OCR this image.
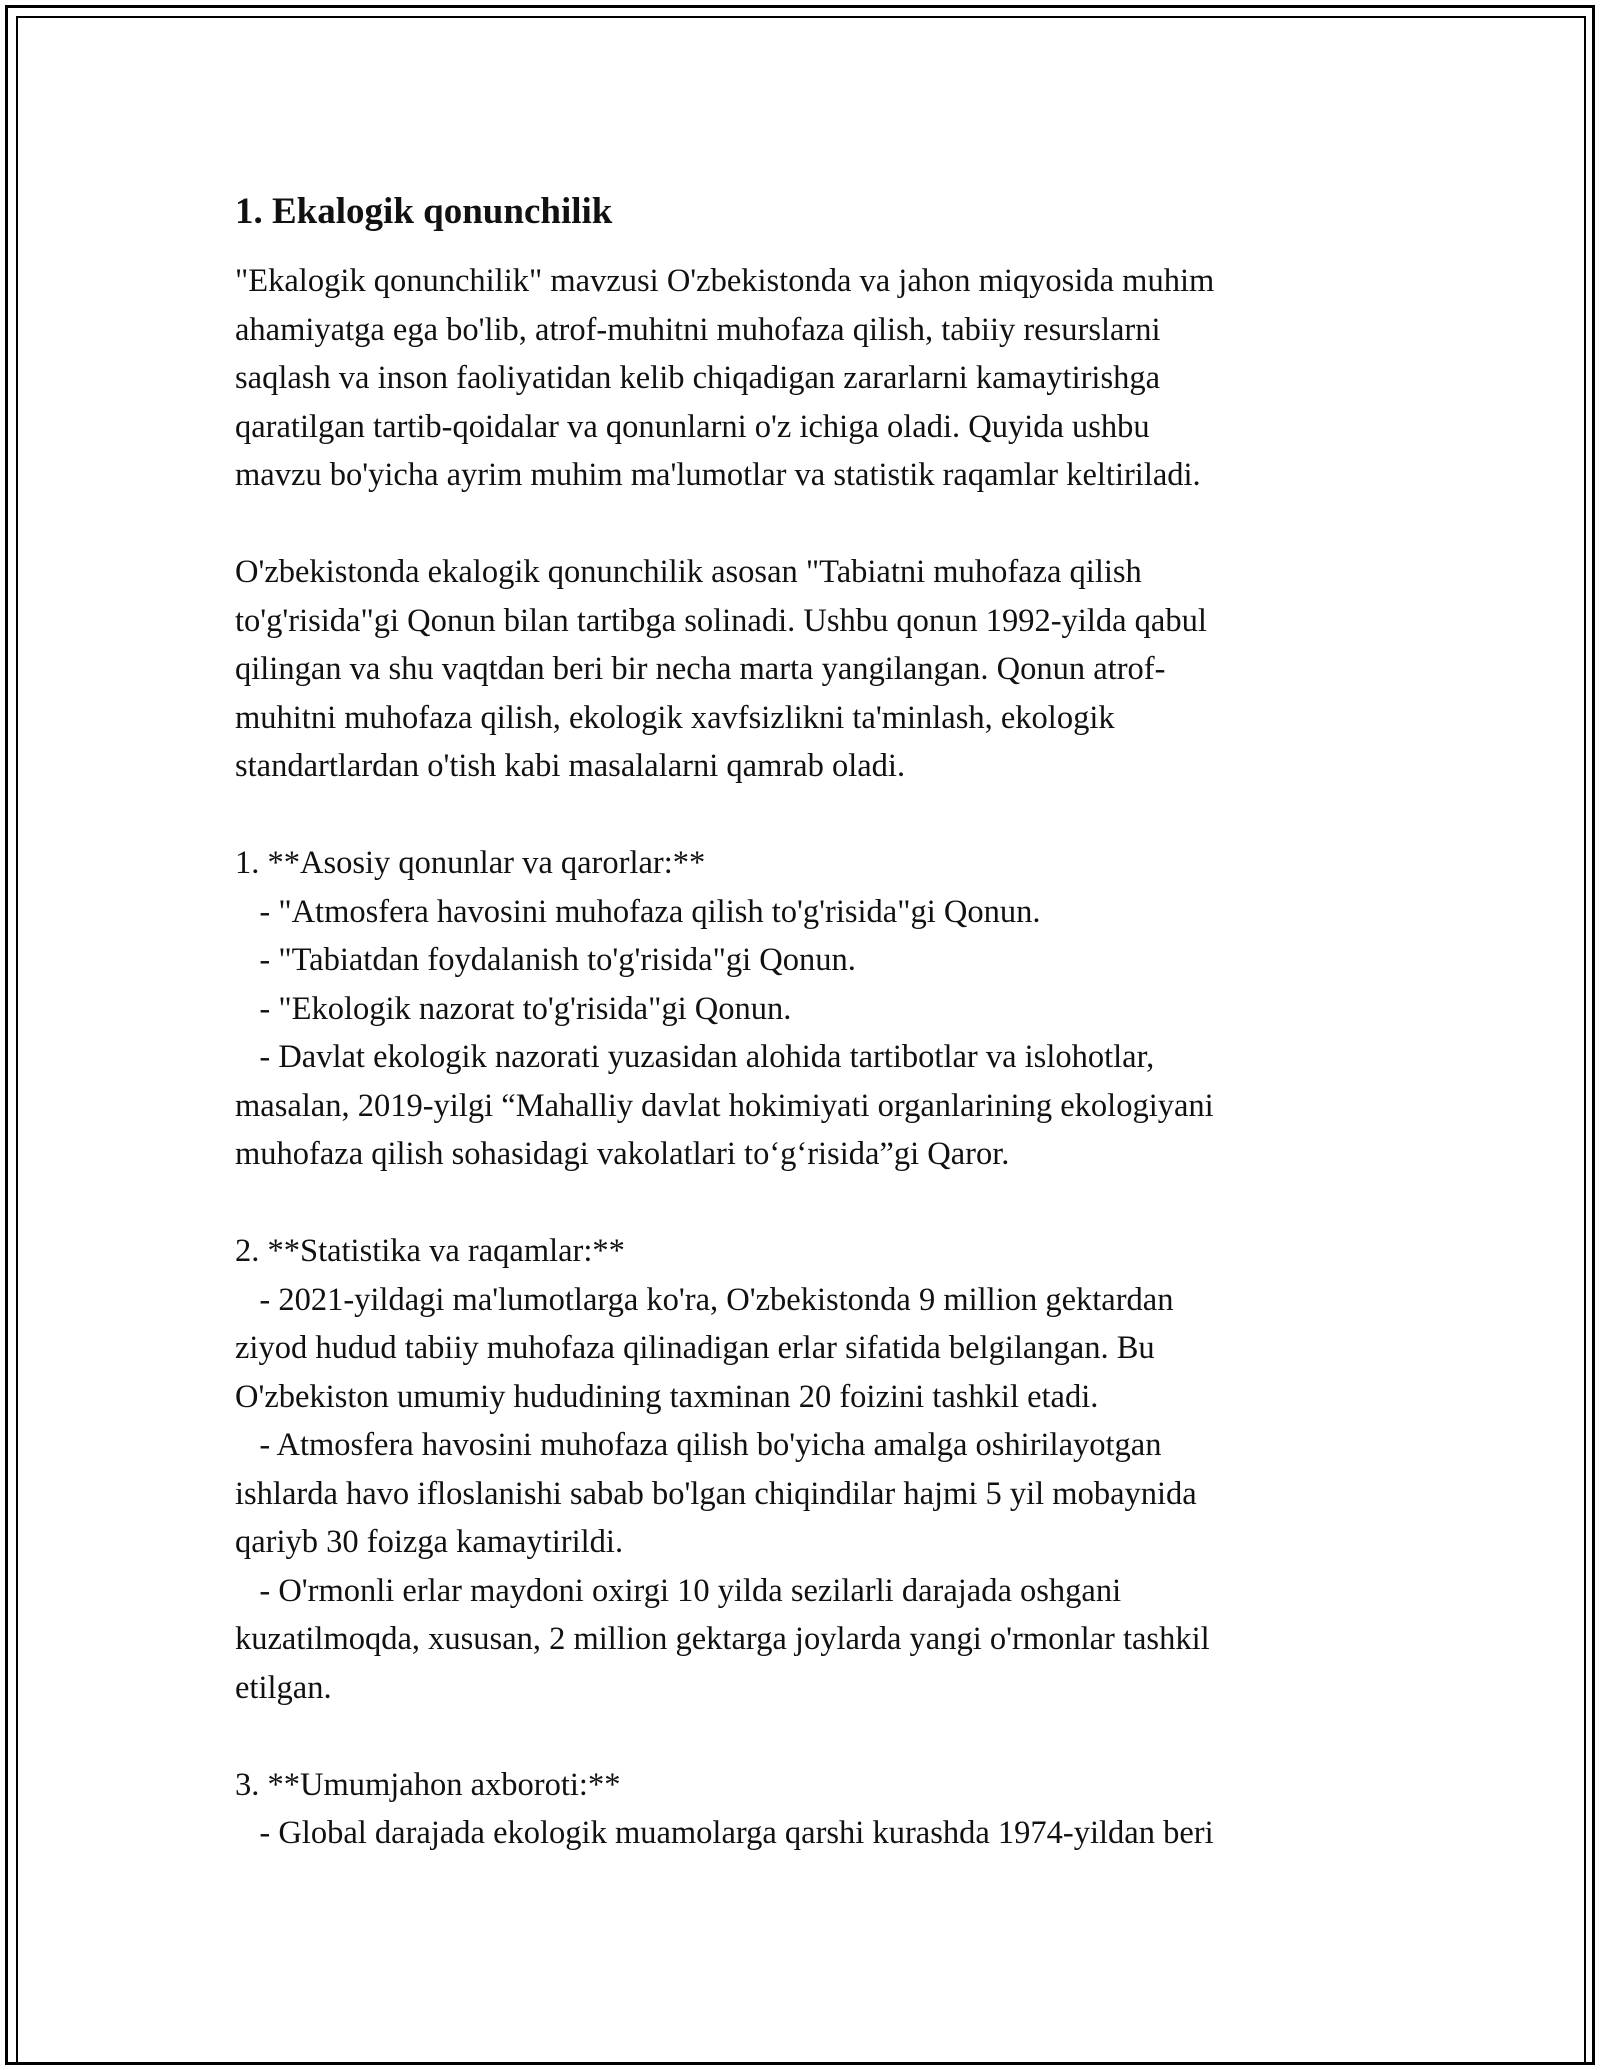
1. Ekalogik qonunchilik
"Ekalogik qonunchilik" mavzusi O'zbekistonda va jahon miqyosida muhim
ahamiyatga ega bo'lib, atrof-muhitni muhofaza qilish, tabiiy resurslarni
saqlash va inson faoliyatidan kelib chiqadigan zararlarni kamaytirishga
qaratilgan tartib-qoidalar va qonunlarni o'z ichiga oladi. Quyida ushbu
mavzu bo'yicha ayrim muhim ma'lumotlar va statistik raqamlar keltiriladi.
O'zbekistonda ekalogik qonunchilik asosan "Tabiatni muhofaza qilish
to'g'risida"gi Qonun bilan tartibga solinadi. Ushbu qonun 1992-yilda qabul
qilingan va shu vaqtdan beri bir necha marta yangilangan. Qonun atrof-
muhitni muhofaza qilish, ekologik xavfsizlikni ta'minlash, ekologik
standartlardan o'tish kabi masalalarni qamrab oladi.
1. **Asosiy qonunlar va qarorlar:**
- "Atmosfera havosini muhofaza qilish to'g'risida"gi Qonun.
- "Tabiatdan foydalanish to'g'risida"gi Qonun.
- "Ekologik nazorat to'g'risida"gi Qonun.
- Davlat ekologik nazorati yuzasidan alohida tartibotlar va islohotlar,
masalan, 2019-yilgi “Mahalliy davlat hokimiyati organlarining ekologiyani
muhofaza qilish sohasidagi vakolatlari to‘g‘risida”gi Qaror.
2. **Statistika va raqamlar:**
- 2021-yildagi ma'lumotlarga ko'ra, O'zbekistonda 9 million gektardan
ziyod hudud tabiiy muhofaza qilinadigan erlar sifatida belgilangan. Bu
O'zbekiston umumiy hududining taxminan 20 foizini tashkil etadi.
- Atmosfera havosini muhofaza qilish bo'yicha amalga oshirilayotgan
ishlarda havo ifloslanishi sabab bo'lgan chiqindilar hajmi 5 yil mobaynida
qariyb 30 foizga kamaytirildi.
- O'rmonli erlar maydoni oxirgi 10 yilda sezilarli darajada oshgani
kuzatilmoqda, xususan, 2 million gektarga joylarda yangi o'rmonlar tashkil
etilgan.
3. **Umumjahon axboroti:**
- Global darajada ekologik muamolarga qarshi kurashda 1974-yildan beri
